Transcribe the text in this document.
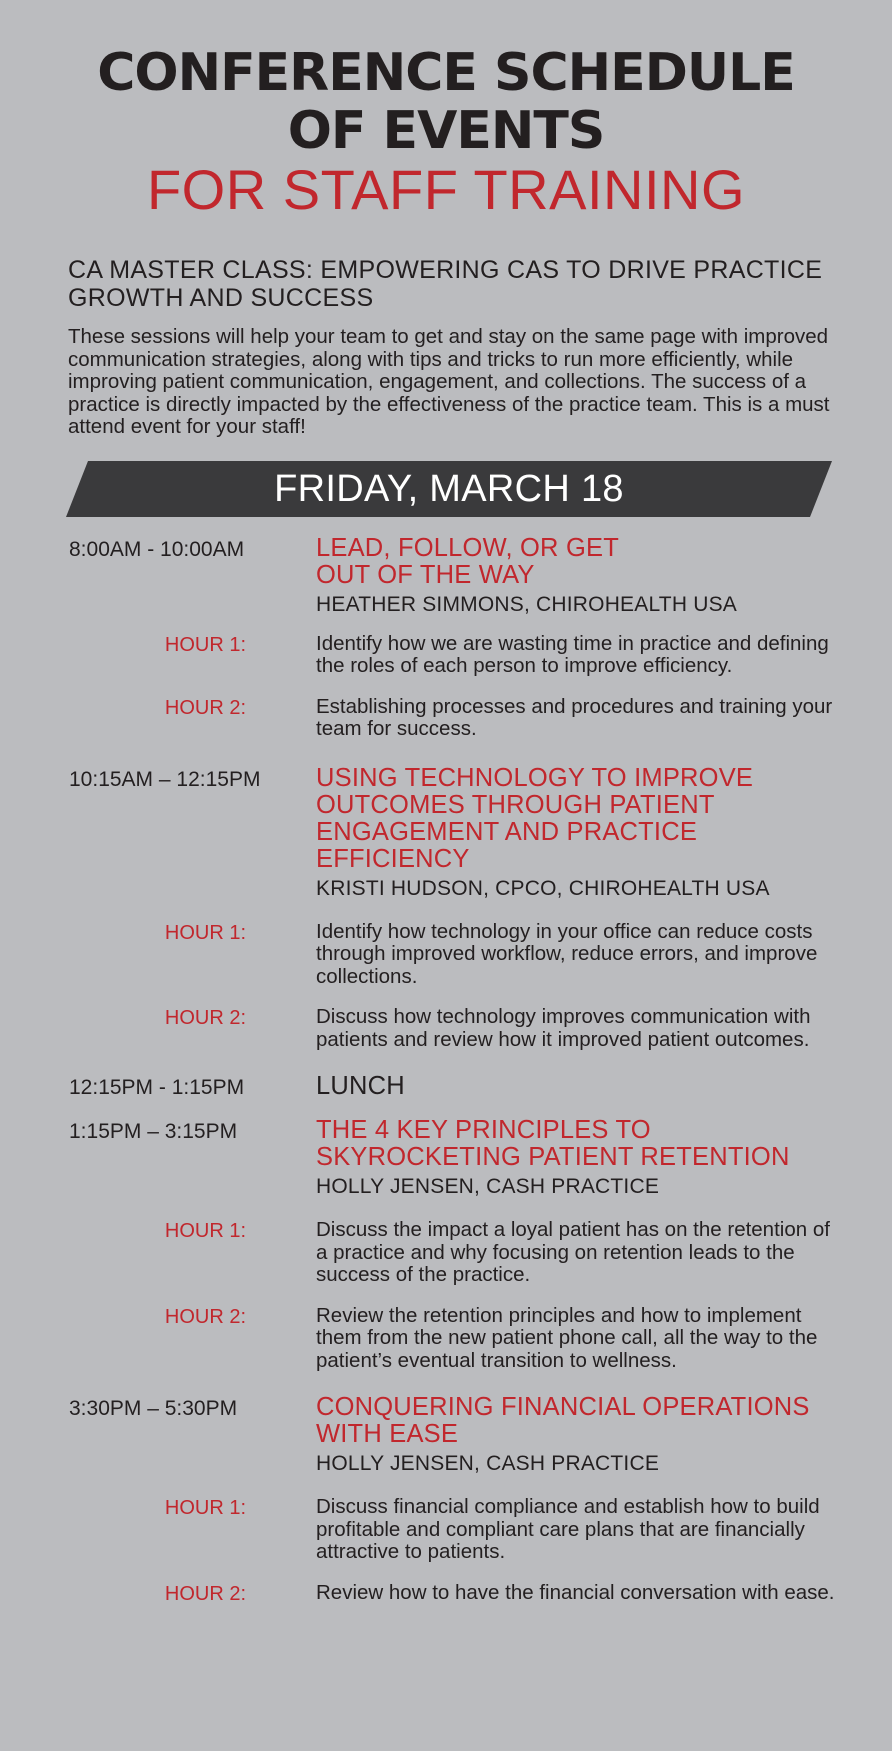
CONFERENCE SCHEDULE
OF EVENTS
FOR STAFF TRAINING
CA MASTER CLASS: EMPOWERING CAS TO DRIVE PRACTICE GROWTH AND SUCCESS
These sessions will help your team to get and stay on the same page with improved communication strategies, along with tips and tricks to run more efficiently, while improving patient communication, engagement, and collections. The success of a practice is directly impacted by the effectiveness of the practice team. This is a must attend event for your staff!
FRIDAY, MARCH 18
8:00AM - 10:00AM	LEAD, FOLLOW, OR GET OUT OF THE WAY
HEATHER SIMMONS, CHIROHEALTH USA
HOUR 1:	Identify how we are wasting time in practice and defining the roles of each person to improve efficiency.
HOUR 2:	Establishing processes and procedures and training your team for success.
10:15AM – 12:15PM	USING TECHNOLOGY TO IMPROVE OUTCOMES THROUGH PATIENT ENGAGEMENT AND PRACTICE EFFICIENCY
KRISTI HUDSON, CPCO, CHIROHEALTH USA
HOUR 1:	Identify how technology in your office can reduce costs through improved workflow, reduce errors, and improve collections.
HOUR 2:	Discuss how technology improves communication with patients and review how it improved patient outcomes.
12:15PM - 1:15PM	LUNCH
1:15PM – 3:15PM	THE 4 KEY PRINCIPLES TO SKYROCKETING PATIENT RETENTION
HOLLY JENSEN, CASH PRACTICE
HOUR 1:	Discuss the impact a loyal patient has on the retention of a practice and why focusing on retention leads to the success of the practice.
HOUR 2:	Review the retention principles and how to implement them from the new patient phone call, all the way to the patient’s eventual transition to wellness.
3:30PM – 5:30PM	CONQUERING FINANCIAL OPERATIONS WITH EASE
HOLLY JENSEN, CASH PRACTICE
HOUR 1:	Discuss financial compliance and establish how to build profitable and compliant care plans that are financially attractive to patients.
HOUR 2:	Review how to have the financial conversation with ease.
